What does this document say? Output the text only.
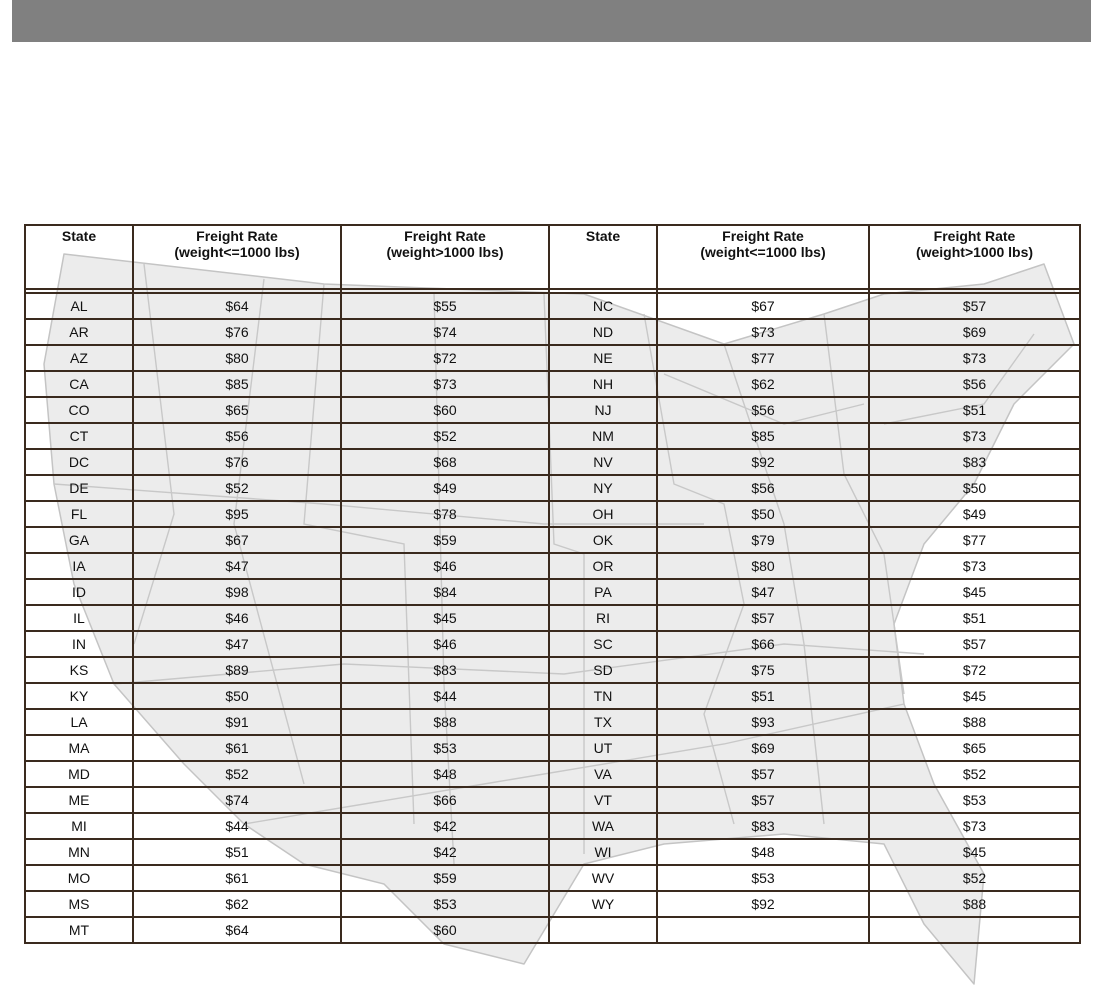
State	Freight Rate
(weight<=1000 lbs)	Freight Rate
(weight>1000 lbs)	State	Freight Rate
(weight<=1000 lbs)	Freight Rate
(weight>1000 lbs)

AL	$64	$55	NC	$67	$57
AR	$76	$74	ND	$73	$69
AZ	$80	$72	NE	$77	$73
CA	$85	$73	NH	$62	$56
CO	$65	$60	NJ	$56	$51
CT	$56	$52	NM	$85	$73
DC	$76	$68	NV	$92	$83
DE	$52	$49	NY	$56	$50
FL	$95	$78	OH	$50	$49
GA	$67	$59	OK	$79	$77
IA	$47	$46	OR	$80	$73
ID	$98	$84	PA	$47	$45
IL	$46	$45	RI	$57	$51
IN	$47	$46	SC	$66	$57
KS	$89	$83	SD	$75	$72
KY	$50	$44	TN	$51	$45
LA	$91	$88	TX	$93	$88
MA	$61	$53	UT	$69	$65
MD	$52	$48	VA	$57	$52
ME	$74	$66	VT	$57	$53
MI	$44	$42	WA	$83	$73
MN	$51	$42	WI	$48	$45
MO	$61	$59	WV	$53	$52
MS	$62	$53	WY	$92	$88
MT	$64	$60			
